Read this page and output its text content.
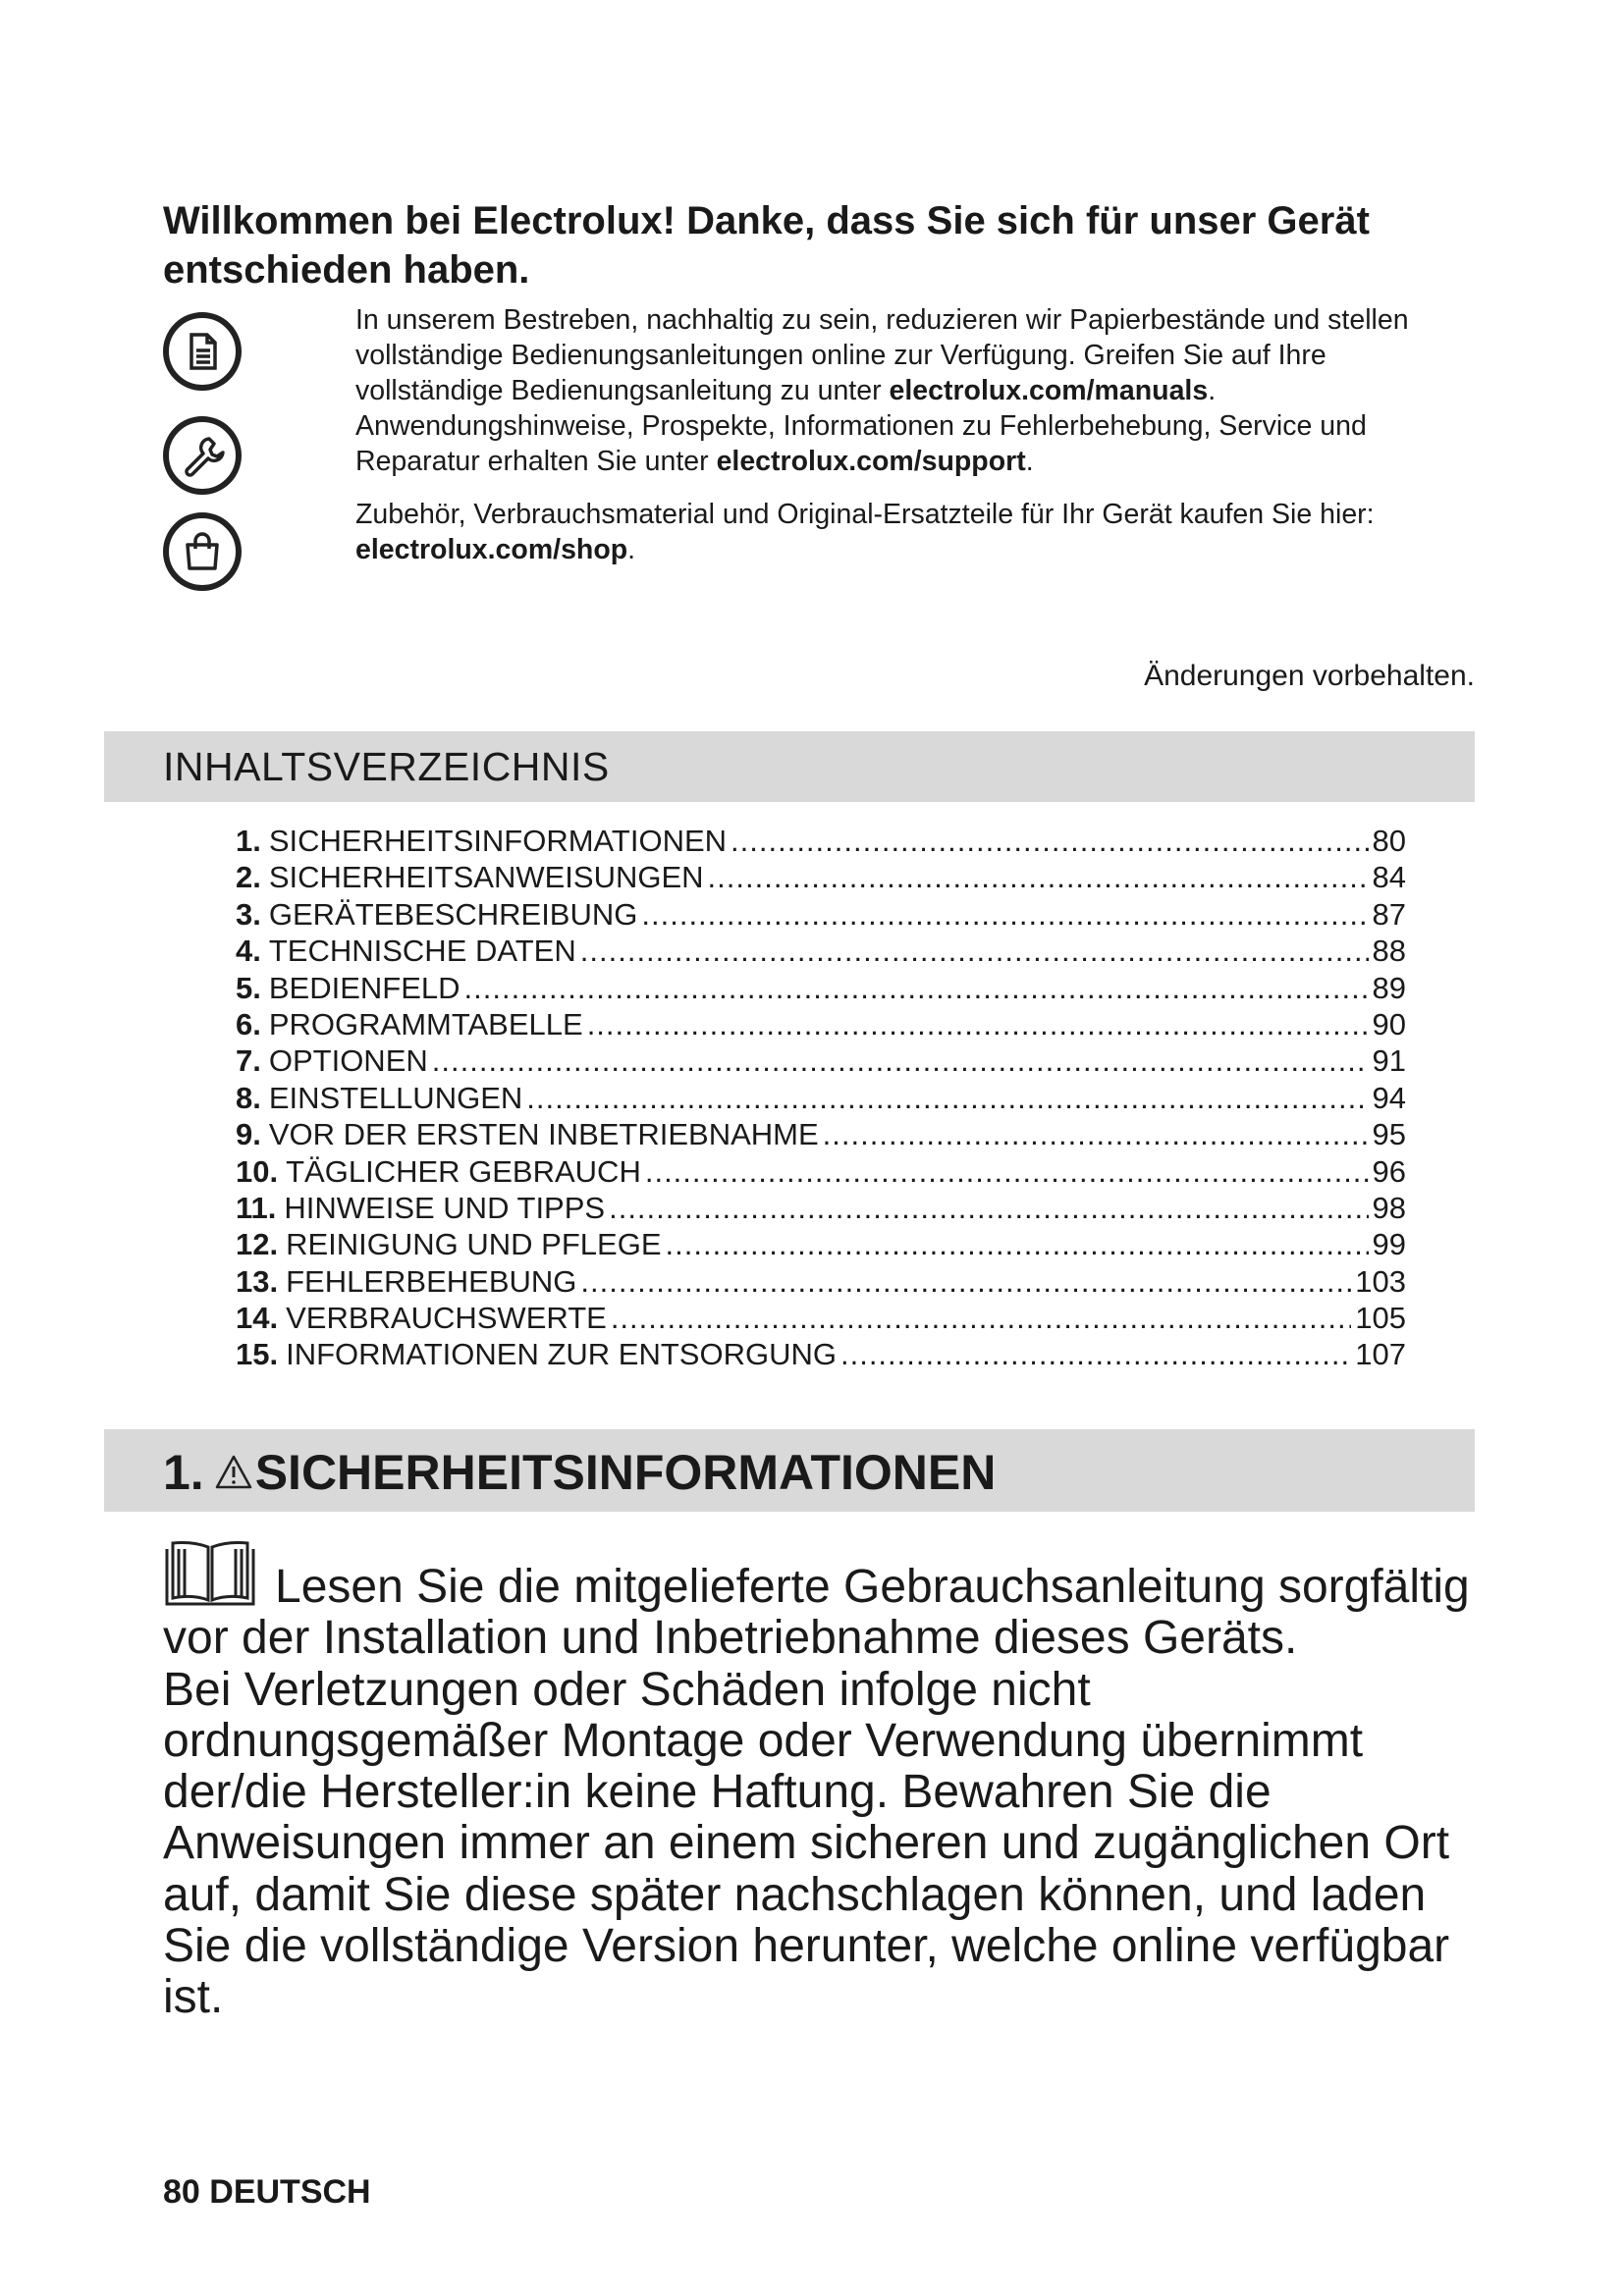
Willkommen bei Electrolux! Danke, dass Sie sich für unser Gerät entschieden haben.

In unserem Bestreben, nachhaltig zu sein, reduzieren wir Papierbestände und stellen vollständige Bedienungsanleitungen online zur Verfügung. Greifen Sie auf Ihre vollständige Bedienungsanleitung zu unter electrolux.com/manuals.

Anwendungshinweise, Prospekte, Informationen zu Fehlerbehebung, Service und Reparatur erhalten Sie unter electrolux.com/support.

Zubehör, Verbrauchsmaterial und Original-Ersatzteile für Ihr Gerät kaufen Sie hier: electrolux.com/shop.

Änderungen vorbehalten.
INHALTSVERZEICHNIS
1. SICHERHEITSINFORMATIONEN .....	80
2. SICHERHEITSANWEISUNGEN .....	84
3. GERÄTEBESCHREIBUNG .....	87
4. TECHNISCHE DATEN .....	88
5. BEDIENFELD .....	89
6. PROGRAMMTABELLE .....	90
7. OPTIONEN .....	91
8. EINSTELLUNGEN .....	94
9. VOR DER ERSTEN INBETRIEBNAHME .....	95
10. TÄGLICHER GEBRAUCH .....	96
11. HINWEISE UND TIPPS .....	98
12. REINIGUNG UND PFLEGE .....	99
13. FEHLERBEHEBUNG .....	103
14. VERBRAUCHSWERTE .....	105
15. INFORMATIONEN ZUR ENTSORGUNG .....	107
1. SICHERHEITSINFORMATIONEN

Lesen Sie die mitgelieferte Gebrauchsanleitung sorgfältig vor der Installation und Inbetriebnahme dieses Geräts.

Bei Verletzungen oder Schäden infolge nicht ordnungsgemäßer Montage oder Verwendung übernimmt der/die Hersteller:in keine Haftung. Bewahren Sie die Anweisungen immer an einem sicheren und zugänglichen Ort auf, damit Sie diese später nachschlagen können, und laden Sie die vollständige Version herunter, welche online verfügbar ist.

80 DEUTSCH
